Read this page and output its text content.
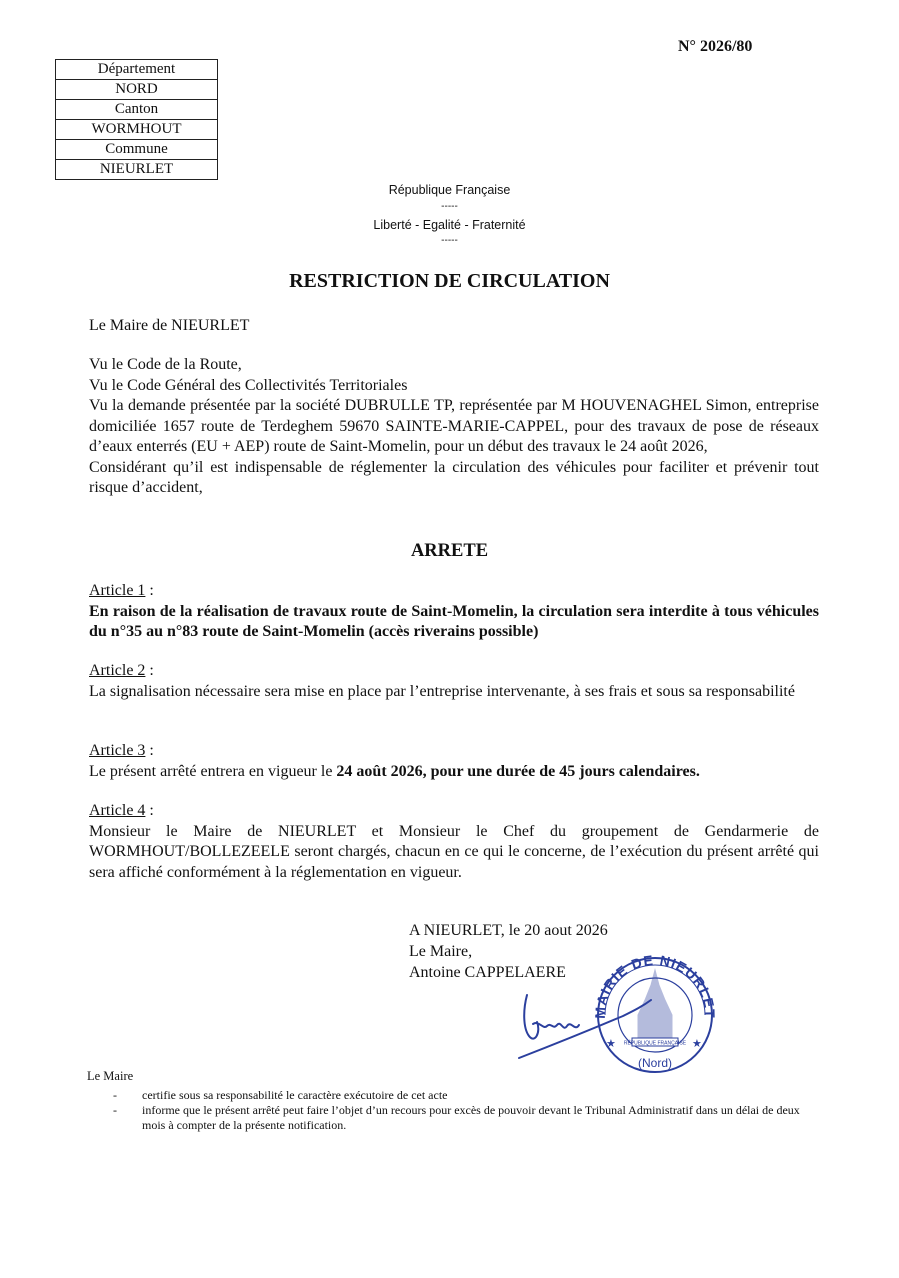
N° 2026/80
Département
NORD
Canton
WORMHOUT
Commune
NIEURLET
République Française
-----
Liberté - Egalité - Fraternité
-----
RESTRICTION DE CIRCULATION
Le Maire de NIEURLET
Vu le Code de la Route,
Vu le Code Général des Collectivités Territoriales
Vu la demande présentée par la société DUBRULLE TP, représentée par M HOUVENAGHEL Simon, entreprise domiciliée 1657 route de Terdeghem 59670 SAINTE-MARIE-CAPPEL, pour des travaux de pose de réseaux d’eaux enterrés (EU + AEP) route de Saint-Momelin, pour un début des travaux le 24 août 2026,
Considérant qu’il est indispensable de réglementer la circulation des véhicules pour faciliter et prévenir tout risque d’accident,
ARRETE
Article 1 :
En raison de la réalisation de travaux route de Saint-Momelin, la circulation sera interdite à tous véhicules du n°35 au n°83 route de Saint-Momelin (accès riverains possible)
Article 2 :
La signalisation nécessaire sera mise en place par l’entreprise intervenante, à ses frais et sous sa responsabilité
Article 3 :
Le présent arrêté entrera en vigueur le 24 août 2026, pour une durée de 45 jours calendaires.
Article 4 :
Monsieur le Maire de NIEURLET et Monsieur le Chef du groupement de Gendarmerie de WORMHOUT/BOLLEZEELE seront chargés, chacun en ce qui le concerne, de l’exécution du présent arrêté qui sera affiché conformément à la réglementation en vigueur.
A NIEURLET, le 20 aout 2026
Le Maire,
Antoine CAPPELAERE
RÉPUBLIQUE FRANÇAISE
MAIRIE DE NIEURLET
(Nord)
★	★
Le Maire
- certifie sous sa responsabilité le caractère exécutoire de cet acte
- informe que le présent arrêté peut faire l’objet d’un recours pour excès de pouvoir devant le Tribunal Administratif dans un délai de deux mois à compter de la présente notification.
